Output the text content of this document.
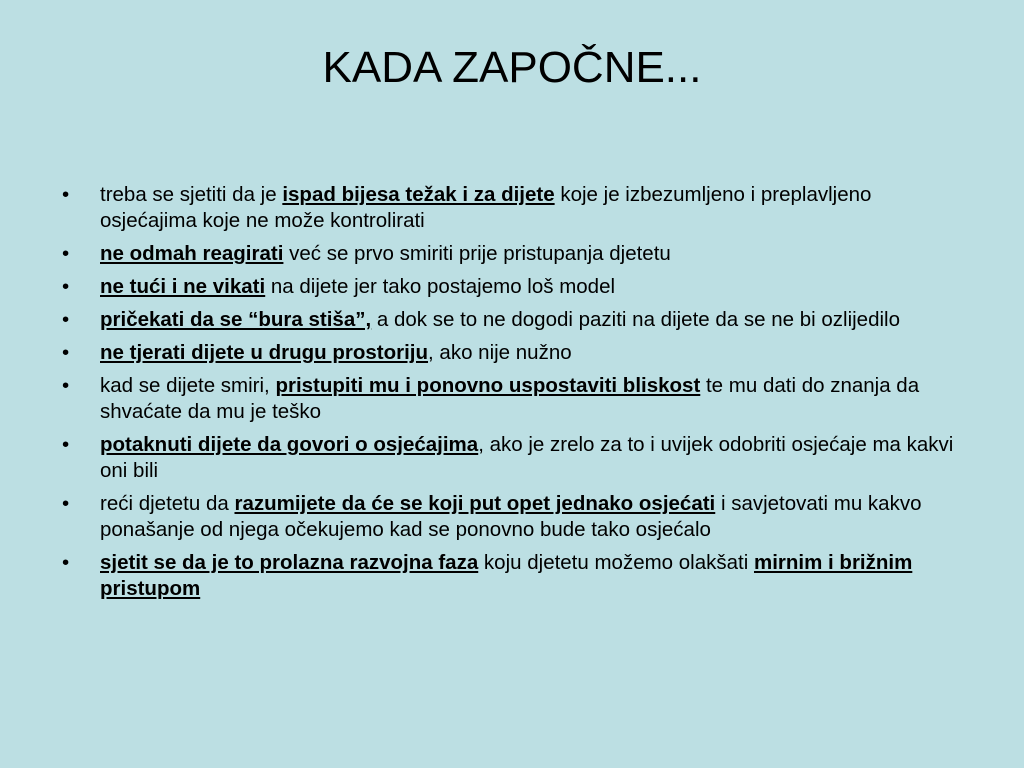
KADA ZAPOČNE...
• treba se sjetiti da je ispad bijesa težak i za dijete koje je izbezumljeno i preplavljeno osjećajima koje ne može kontrolirati
• ne odmah reagirati već se prvo smiriti prije pristupanja djetetu
• ne tući i ne vikati na dijete jer tako postajemo loš model
• pričekati da se “bura stiša”, a dok se to ne dogodi paziti na dijete da se ne bi ozlijedilo
• ne tjerati dijete u drugu prostoriju, ako nije nužno
• kad se dijete smiri, pristupiti mu i ponovno uspostaviti bliskost te mu dati do znanja da shvaćate da mu je teško
• potaknuti dijete da govori o osjećajima, ako je zrelo za to i uvijek odobriti osjećaje ma kakvi oni bili
• reći djetetu da razumijete da će se koji put opet jednako osjećati i savjetovati mu kakvo ponašanje od njega očekujemo kad se ponovno bude tako osjećalo
• sjetit se da je to prolazna razvojna faza koju djetetu možemo olakšati mirnim i brižnim pristupom
